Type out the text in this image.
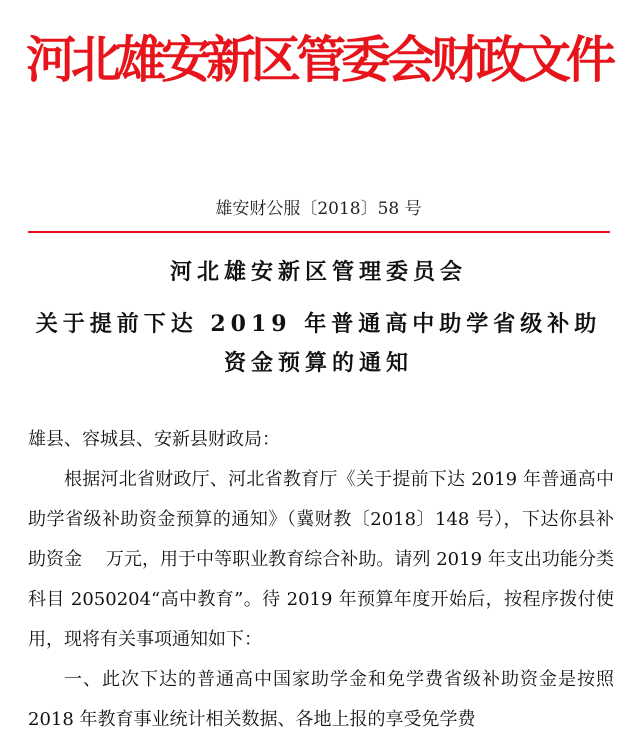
河北雄安新区管委会财政文件
雄安财公服〔2018〕58 号
河北雄安新区管理委员会
关于提前下达 2019 年普通高中助学省级补助
资金预算的通知

雄县、容城县、安新县财政局：

根据河北省财政厅、河北省教育厅《关于提前下达 2019 年普通高中助学省级补助资金预算的通知》（冀财教〔2018〕148 号），下达你县补助资金　 万元，用于中等职业教育综合补助。请列 2019 年支出功能分类科目 2050204“高中教育”。待 2019 年预算年度开始后，按程序拨付使用，现将有关事项通知如下：

一、此次下达的普通高中国家助学金和免学费省级补助资金是按照 2018 年教育事业统计相关数据、各地上报的享受免学费
